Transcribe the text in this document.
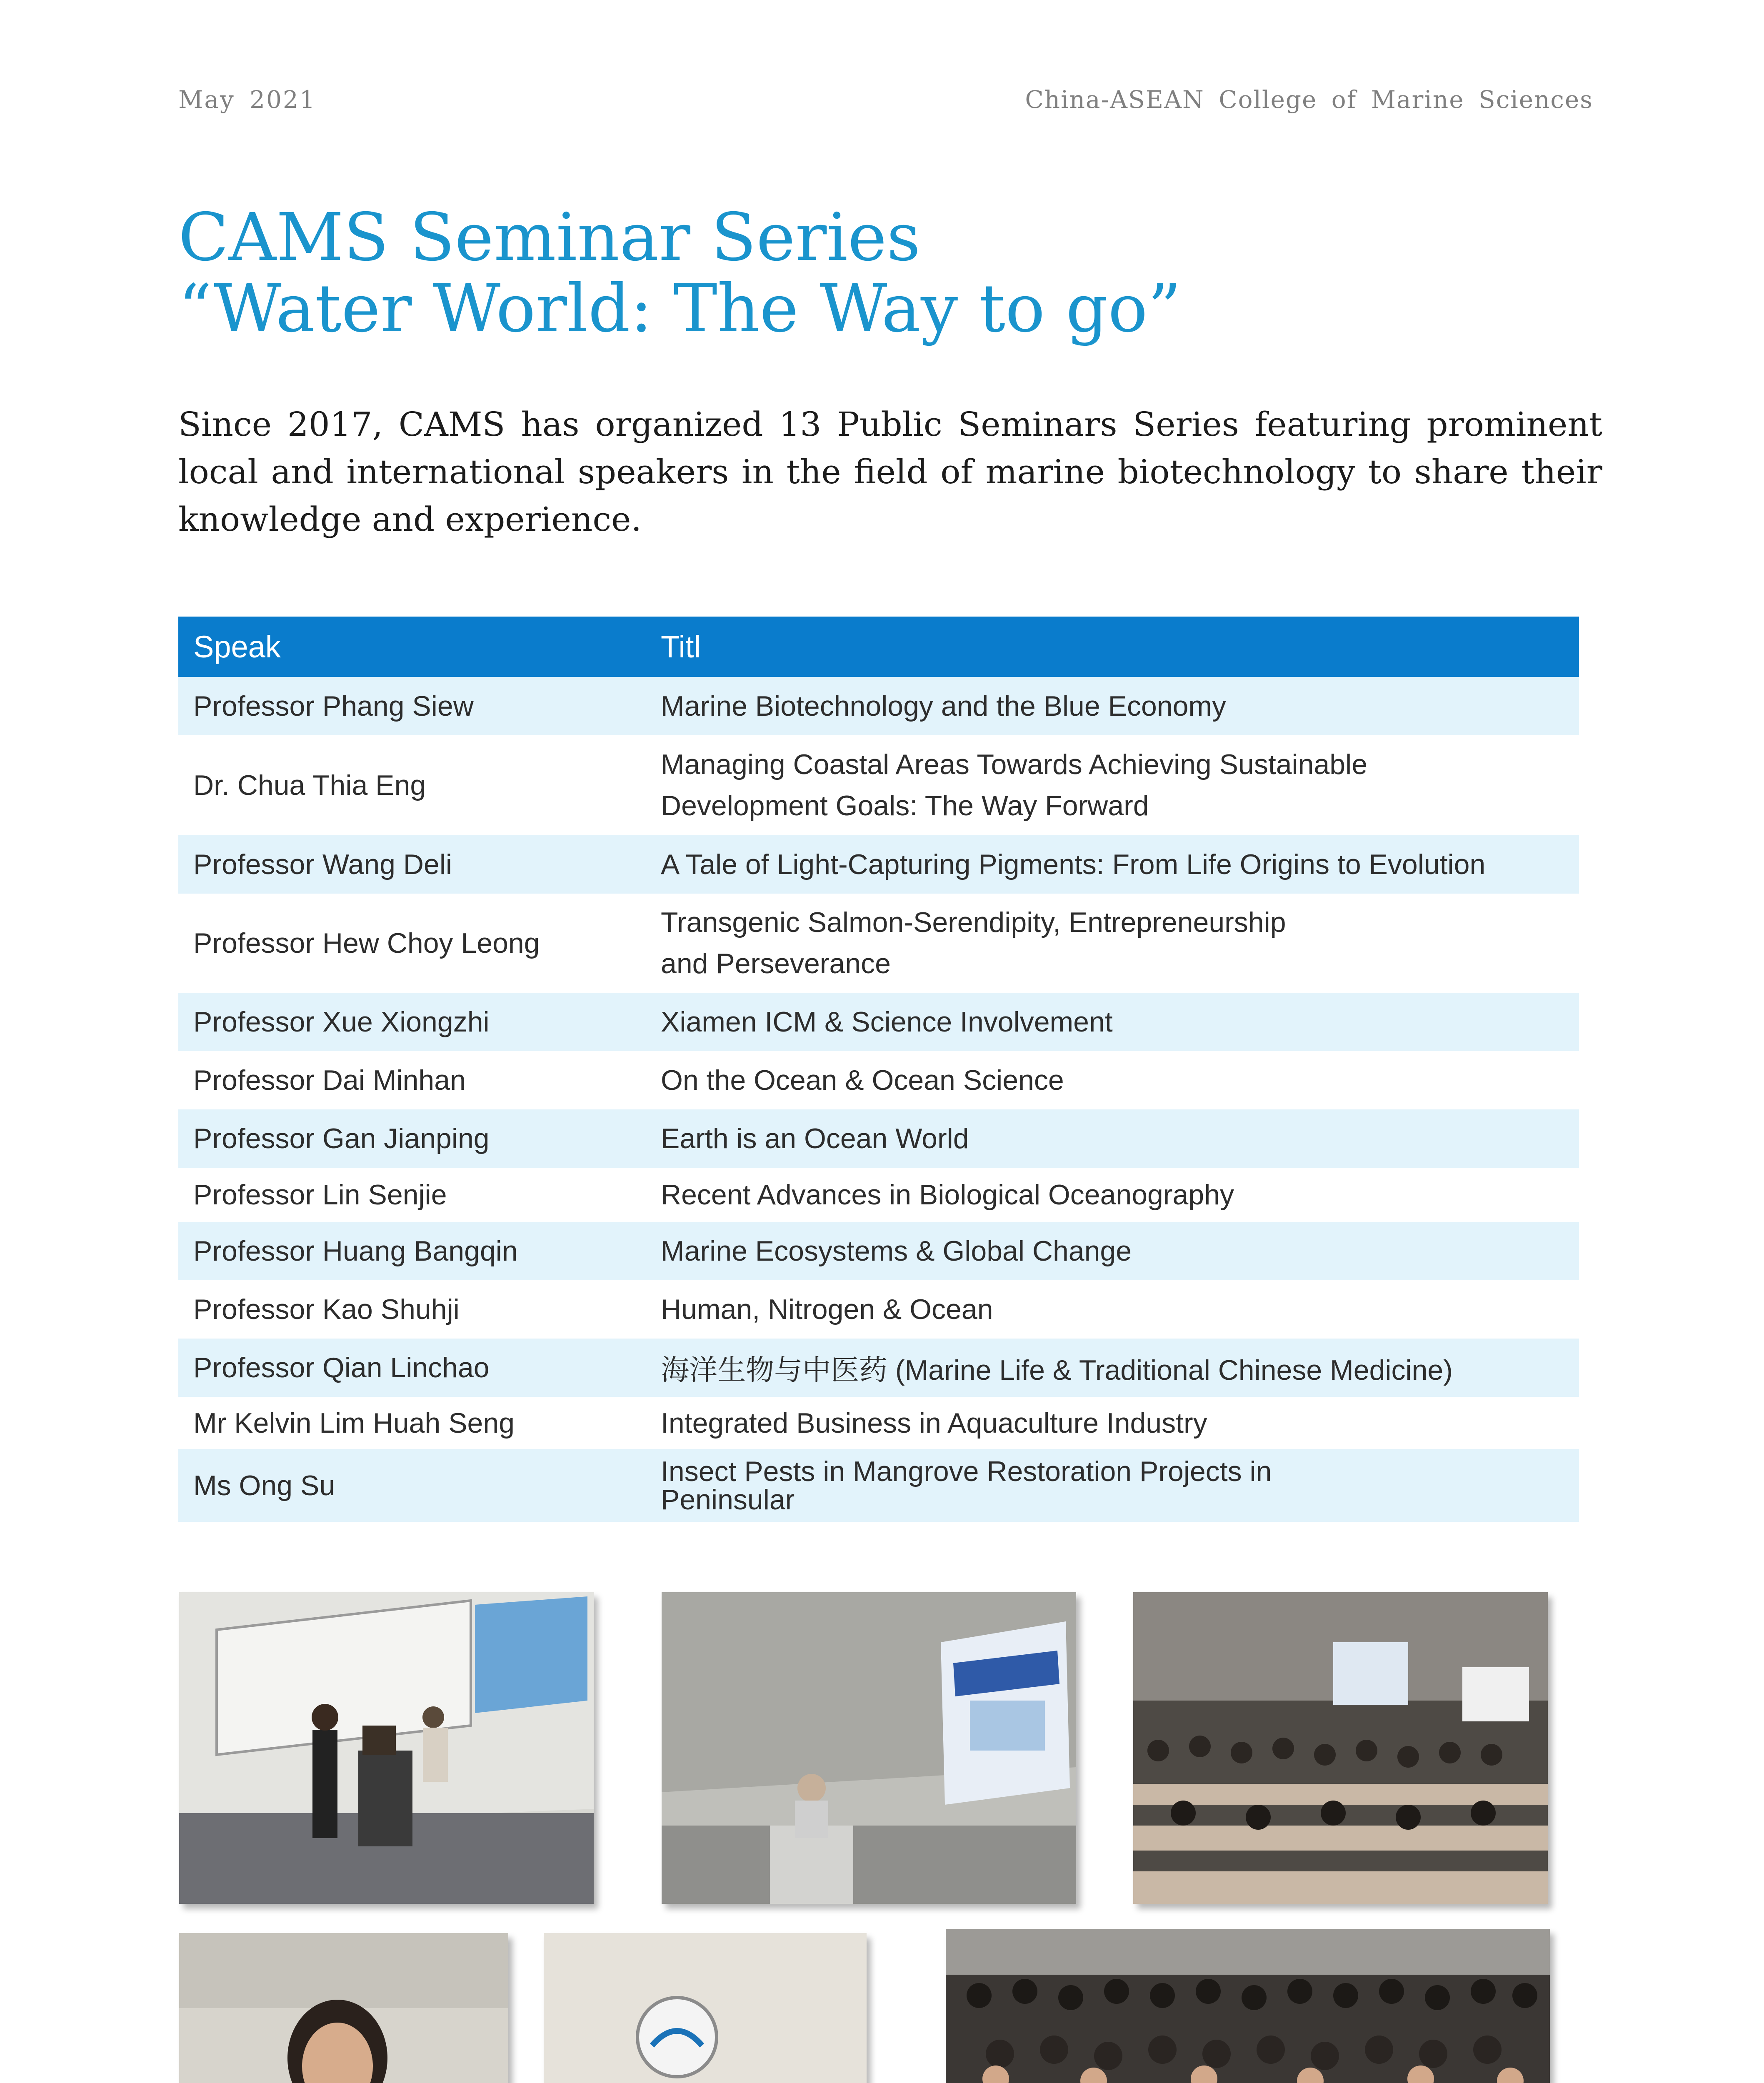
May 2021	China-ASEAN College of Marine Sciences
CAMS Seminar Series
“Water World: The Way to go”
Since 2017, CAMS has organized 13 Public Seminars Series featuring prominent local and international speakers in the field of marine biotechnology to share their knowledge and experience.
Speak	Titl
Professor Phang Siew	Marine Biotechnology and the Blue Economy
Dr. Chua Thia Eng	Managing Coastal Areas Towards Achieving Sustainable
Development Goals: The Way Forward

Professor Wang Deli	A Tale of Light-Capturing Pigments: From Life Origins to Evolution
Professor Hew Choy Leong	Transgenic Salmon-Serendipity, Entrepreneurship
and Perseverance

Professor Xue Xiongzhi	Xiamen ICM & Science Involvement
Professor Dai Minhan	On the Ocean & Ocean Science
Professor Gan Jianping	Earth is an Ocean World
Professor Lin Senjie	Recent Advances in Biological Oceanography
Professor Huang Bangqin	Marine Ecosystems & Global Change
Professor Kao Shuhji	Human, Nitrogen & Ocean
Professor Qian Linchao	海洋生物与中医药 (Marine Life & Traditional Chinese Medicine)
Mr Kelvin Lim Huah Seng	Integrated Business in Aquaculture Industry
Ms Ong Su	Insect Pests in Mangrove Restoration Projects in
Peninsular
